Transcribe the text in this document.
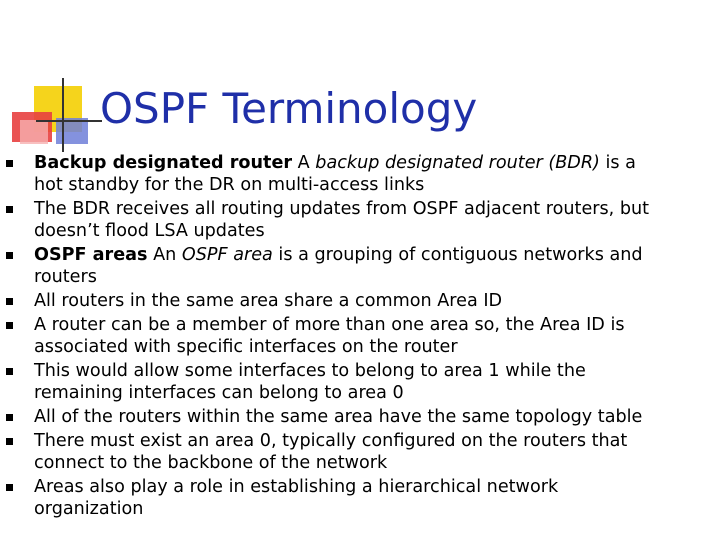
OSPF Terminology
Backup designated router A backup designated router (BDR) is a
hot standby for the DR on multi-access links
The BDR receives all routing updates from OSPF adjacent routers, but
doesn’t flood LSA updates
OSPF areas An OSPF area is a grouping of contiguous networks and
routers
All routers in the same area share a common Area ID
A router can be a member of more than one area so, the Area ID is
associated with specific interfaces on the router
This would allow some interfaces to belong to area 1 while the
remaining interfaces can belong to area 0
All of the routers within the same area have the same topology table
There must exist an area 0, typically configured on the routers that
connect to the backbone of the network
Areas also play a role in establishing a hierarchical network
organization
